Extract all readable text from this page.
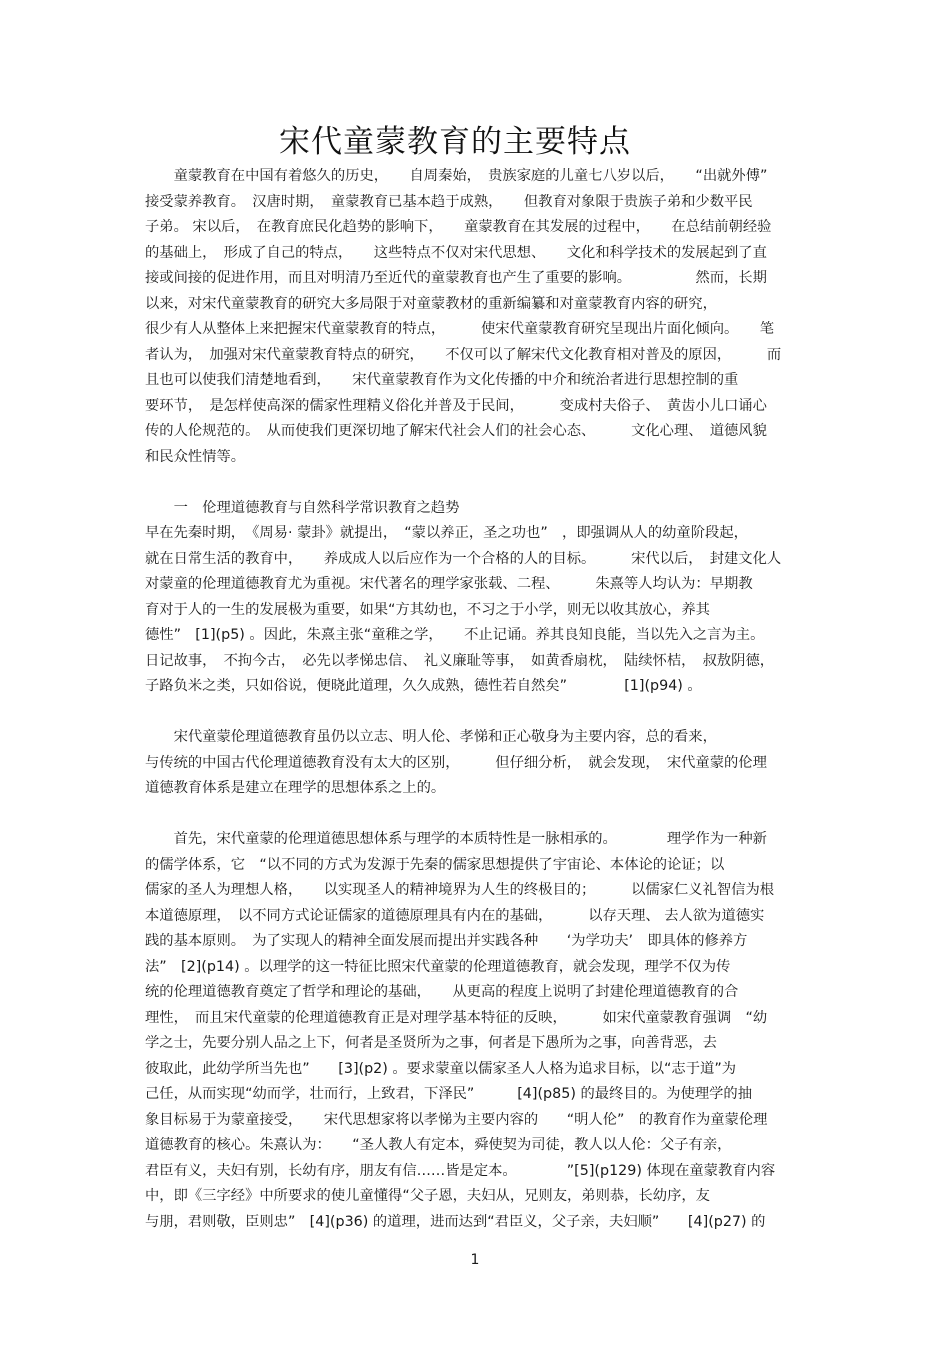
宋代童蒙教育的主要特点
　　童蒙教育在中国有着悠久的历史，　　自周秦始，　贵族家庭的儿童七八岁以后，　　“出就外傅”
接受蒙养教育。　汉唐时期，　童蒙教育已基本趋于成熟，　　但教育对象限于贵族子弟和少数平民
子弟。 宋以后，　在教育庶民化趋势的影响下，　　童蒙教育在其发展的过程中，　　在总结前朝经验
的基础上，　形成了自己的特点，　　这些特点不仅对宋代思想、　　文化和科学技术的发展起到了直
接或间接的促进作用，而且对明清乃至近代的童蒙教育也产生了重要的影响。　　　　　然而，长期
以来，对宋代童蒙教育的研究大多局限于对童蒙教材的重新编纂和对童蒙教育内容的研究，
很少有人从整体上来把握宋代童蒙教育的特点，　　　使宋代童蒙教育研究呈现出片面化倾向。　　笔
者认为，　加强对宋代童蒙教育特点的研究，　　不仅可以了解宋代文化教育相对普及的原因，　　　而
且也可以使我们清楚地看到，　　宋代童蒙教育作为文化传播的中介和统治者进行思想控制的重
要环节，　是怎样使高深的儒家性理精义俗化并普及于民间，　　　变成村夫俗子、　黄齿小儿口诵心
传的人伦规范的。　从而使我们更深切地了解宋代社会人们的社会心态、　　　文化心理、　道德风貌
和民众性情等。
　　一　伦理道德教育与自然科学常识教育之趋势
早在先秦时期，　《周易· 蒙卦》就提出，　“蒙以养正，圣之功也”　，即强调从人的幼童阶段起，
就在日常生活的教育中，　　养成成人以后应作为一个合格的人的目标。　　　宋代以后，　封建文化人
对蒙童的伦理道德教育尤为重视。宋代著名的理学家张载、二程、　　　朱熹等人均认为：早期教
育对于人的一生的发展极为重要，如果“方其幼也，不习之于小学，则无以收其放心，养其
德性”　[1](p5) 。因此，朱熹主张“童稚之学，　　不止记诵。养其良知良能，当以先入之言为主。
日记故事，　不拘今古，　必先以孝悌忠信、　礼义廉耻等事，　如黄香扇枕，　陆续怀桔，　叔敖阴德，
子路负米之类，只如俗说，便晓此道理，久久成熟，德性若自然矣”　　　　[1](p94) 。
　　宋代童蒙伦理道德教育虽仍以立志、明人伦、孝悌和正心敬身为主要内容，总的看来，
与传统的中国古代伦理道德教育没有太大的区别，　　　但仔细分析，　就会发现，　宋代童蒙的伦理
道德教育体系是建立在理学的思想体系之上的。
　　首先，宋代童蒙的伦理道德思想体系与理学的本质特性是一脉相承的。　　　　理学作为一种新
的儒学体系，它　“以不同的方式为发源于先秦的儒家思想提供了宇宙论、本体论的论证；以
儒家的圣人为理想人格，　　以实现圣人的精神境界为人生的终极目的；　　　以儒家仁义礼智信为根
本道德原理，　以不同方式论证儒家的道德原理具有内在的基础，　　　以存天理、 去人欲为道德实
践的基本原则。　为了实现人的精神全面发展而提出并实践各种　　‘为学功夫’　即具体的修养方
法”　[2](p14) 。以理学的这一特征比照宋代童蒙的伦理道德教育，就会发现，理学不仅为传
统的伦理道德教育奠定了哲学和理论的基础，　　从更高的程度上说明了封建伦理道德教育的合
理性，　而且宋代童蒙的伦理道德教育正是对理学基本特征的反映，　　　如宋代童蒙教育强调　“幼
学之士，先要分别人品之上下，何者是圣贤所为之事，何者是下愚所为之事，向善背恶，去
彼取此，此幼学所当先也”　　[3](p2) 。要求蒙童以儒家圣人人格为追求目标，以“志于道”为
己任，从而实现“幼而学，壮而行，上致君，下泽民”　　　[4](p85) 的最终目的。为使理学的抽
象目标易于为蒙童接受，　　宋代思想家将以孝悌为主要内容的　　“明人伦”　的教育作为童蒙伦理
道德教育的核心。朱熹认为：　　“圣人教人有定本，舜使契为司徒，教人以人伦：父子有亲，
君臣有义，夫妇有别，长幼有序，朋友有信……皆是定本。　　　　”[5](p129) 体现在童蒙教育内容
中，即《三字经》中所要求的使儿童懂得“父子恩，夫妇从，兄则友，弟则恭，长幼序，友
与朋，君则敬，臣则忠”　[4](p36) 的道理，进而达到“君臣义，父子亲，夫妇顺”　　[4](p27) 的
1
